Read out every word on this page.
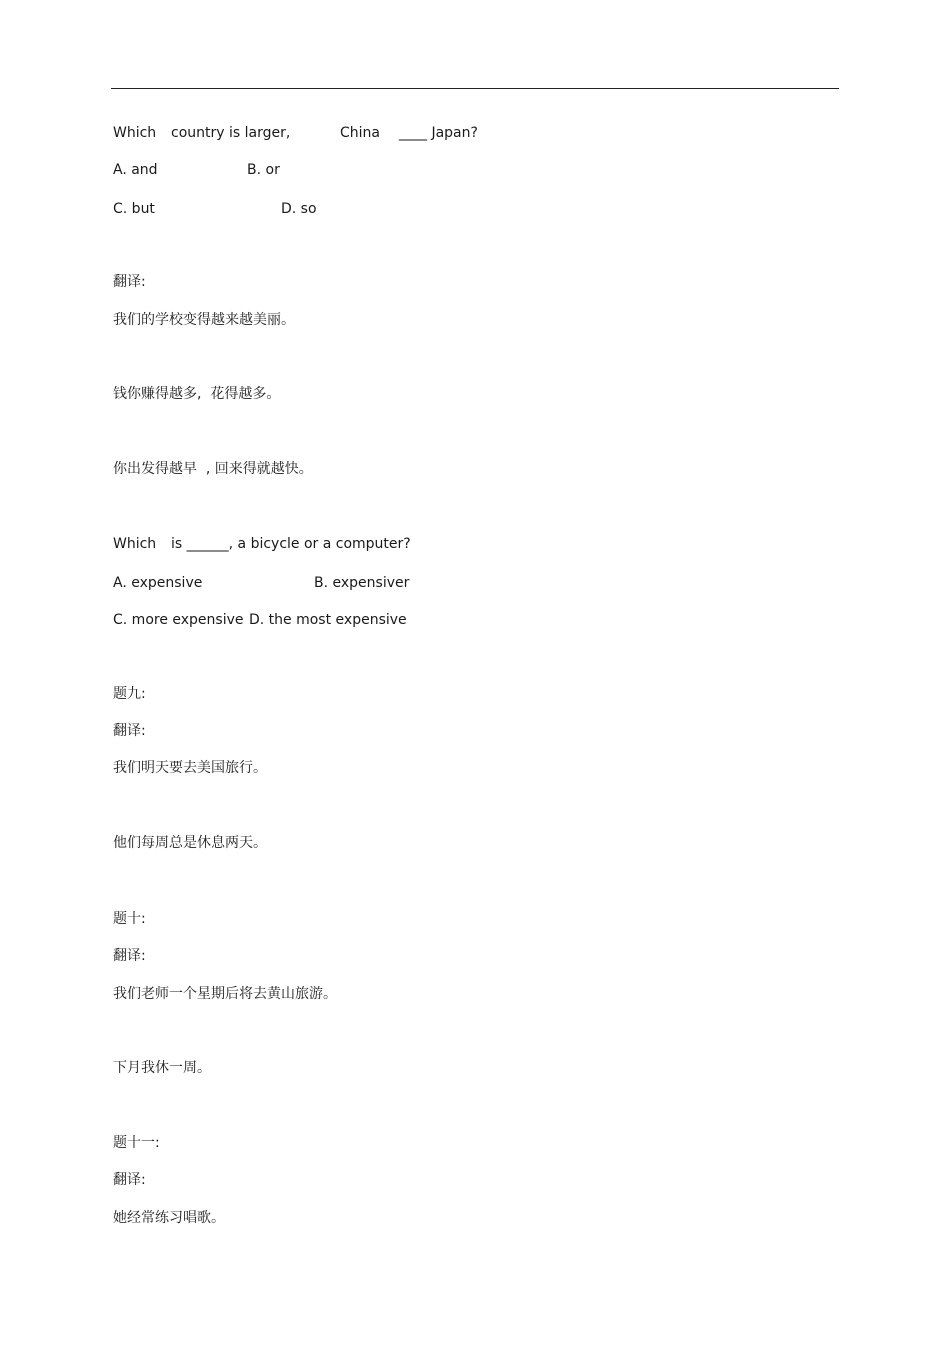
Which country is larger,	China ____ Japan?
A. and	B. or
C. but	D. so
翻译:
我们的学校变得越来越美丽。
钱你赚得越多,  花得越多。
你出发得越早  , 回来得就越快。
Which is ______, a bicycle or a computer?
A. expensive	B. expensiver
C. more expensive D. the most expensive
题九:
翻译:
我们明天要去美国旅行。
他们每周总是休息两天。
题十:
翻译:
我们老师一个星期后将去黄山旅游。
下月我休一周。
题十一:
翻译:
她经常练习唱歌。
